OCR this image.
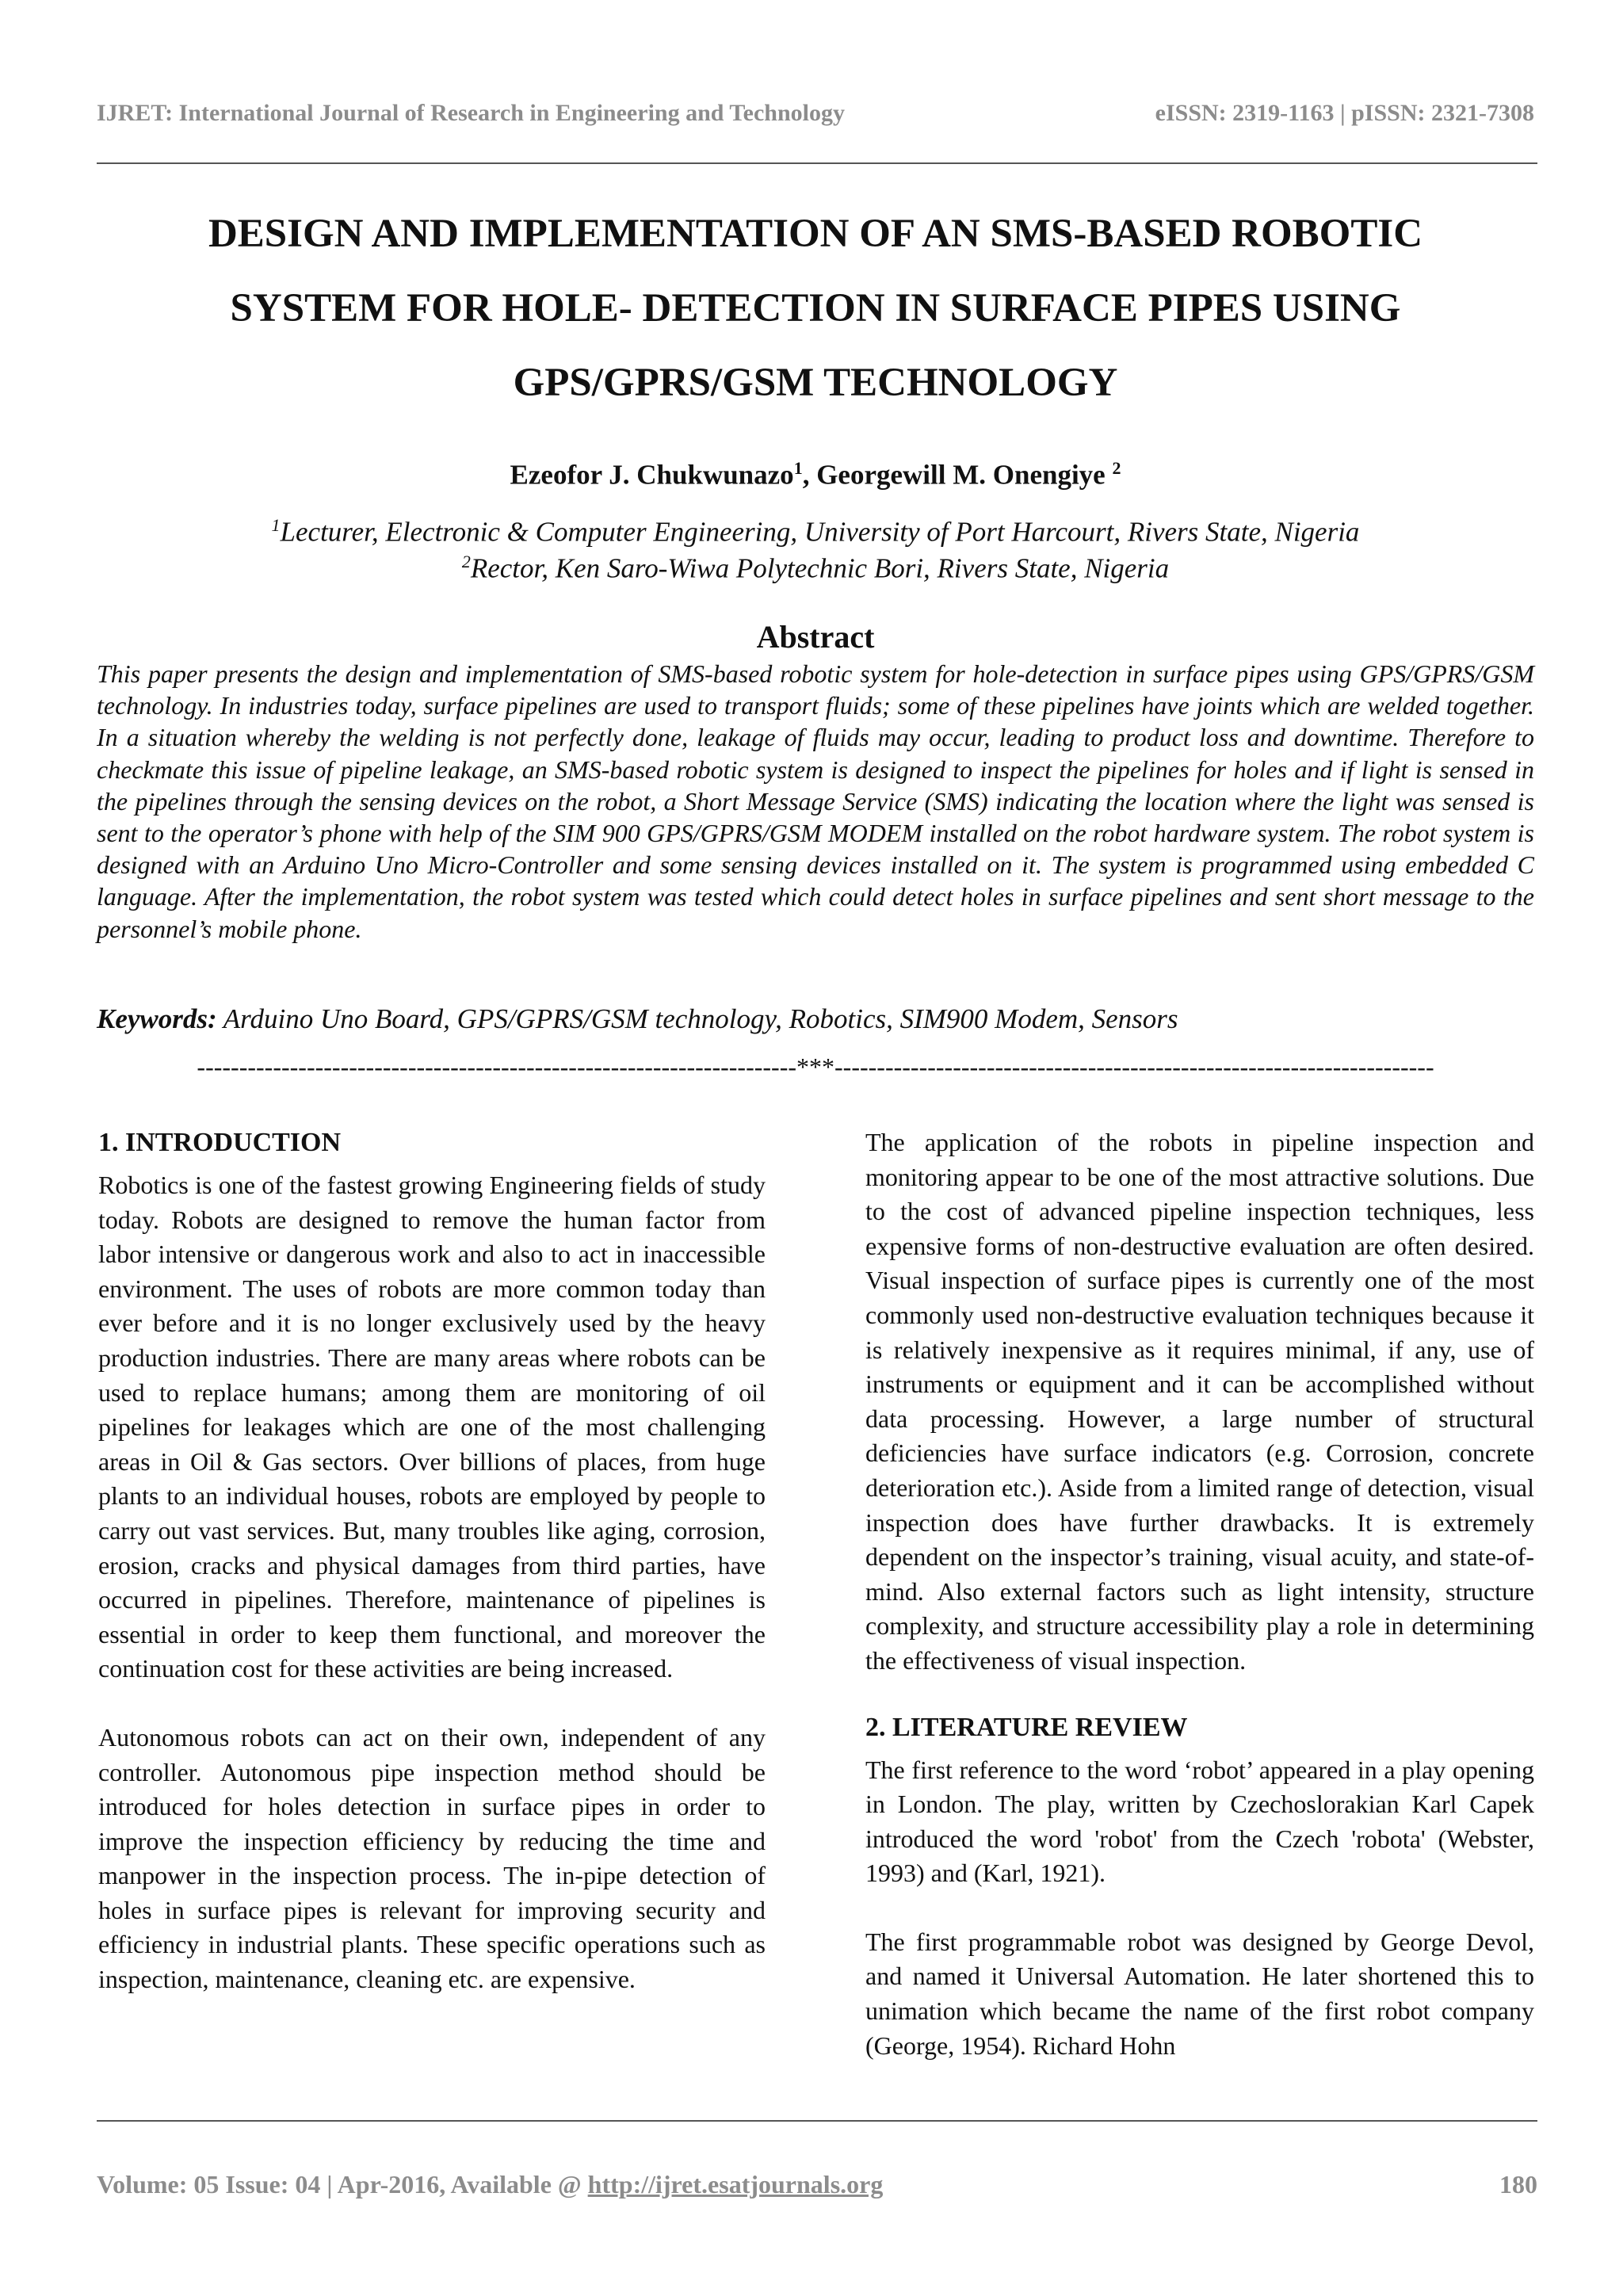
IJRET: International Journal of Research in Engineering and Technology	eISSN: 2319-1163 | pISSN: 2321-7308
DESIGN AND IMPLEMENTATION OF AN SMS-BASED ROBOTIC
SYSTEM FOR HOLE- DETECTION IN SURFACE PIPES USING
GPS/GPRS/GSM TECHNOLOGY
Ezeofor J. Chukwunazo$^1$, Georgewill M. Onengiye $^2$
$^1$Lecturer, Electronic & Computer Engineering, University of Port Harcourt, Rivers State, Nigeria
$^2$Rector, Ken Saro-Wiwa Polytechnic Bori, Rivers State, Nigeria
Abstract
This paper presents the design and implementation of SMS-based robotic system for hole-detection in surface pipes using GPS/GPRS/GSM technology. In industries today, surface pipelines are used to transport fluids; some of these pipelines have joints which are welded together. In a situation whereby the welding is not perfectly done, leakage of fluids may occur, leading to product loss and downtime. Therefore to checkmate this issue of pipeline leakage, an SMS-based robotic system is designed to inspect the pipelines for holes and if light is sensed in the pipelines through the sensing devices on the robot, a Short Message Service (SMS) indicating the location where the light was sensed is sent to the operator’s phone with help of the SIM 900 GPS/GPRS/GSM MODEM installed on the robot hardware system. The robot system is designed with an Arduino Uno Micro-Controller and some sensing devices installed on it. The system is programmed using embedded C language. After the implementation, the robot system was tested which could detect holes in surface pipelines and sent short message to the personnel’s mobile phone.
Keywords: Arduino Uno Board, GPS/GPRS/GSM technology, Robotics, SIM900 Modem, Sensors
-----------------------------------------------------------------------***-----------------------------------------------------------------------
1. INTRODUCTION

Robotics is one of the fastest growing Engineering fields of study today. Robots are designed to remove the human factor from labor intensive or dangerous work and also to act in inaccessible environment. The uses of robots are more common today than ever before and it is no longer exclusively used by the heavy production industries. There are many areas where robots can be used to replace humans; among them are monitoring of oil pipelines for leakages which are one of the most challenging areas in Oil & Gas sectors. Over billions of places, from huge plants to an individual houses, robots are employed by people to carry out vast services. But, many troubles like aging, corrosion, erosion, cracks and physical damages from third parties, have occurred in pipelines. Therefore, maintenance of pipelines is essential in order to keep them functional, and moreover the continuation cost for these activities are being increased.

Autonomous robots can act on their own, independent of any controller. Autonomous pipe inspection method should be introduced for holes detection in surface pipes in order to improve the inspection efficiency by reducing the time and manpower in the inspection process. The in-pipe detection of holes in surface pipes is relevant for improving security and efficiency in industrial plants. These specific operations such as inspection, maintenance, cleaning etc. are expensive.

The application of the robots in pipeline inspection and monitoring appear to be one of the most attractive solutions. Due to the cost of advanced pipeline inspection techniques, less expensive forms of non-destructive evaluation are often desired. Visual inspection of surface pipes is currently one of the most commonly used non-destructive evaluation techniques because it is relatively inexpensive as it requires minimal, if any, use of instruments or equipment and it can be accomplished without data processing. However, a large number of structural deficiencies have surface indicators (e.g. Corrosion, concrete deterioration etc.). Aside from a limited range of detection, visual inspection does have further drawbacks. It is extremely dependent on the inspector’s training, visual acuity, and state-of-mind. Also external factors such as light intensity, structure complexity, and structure accessibility play a role in determining the effectiveness of visual inspection.

2. LITERATURE REVIEW

The first reference to the word ‘robot’ appeared in a play opening in London. The play, written by Czechoslorakian Karl Capek introduced the word 'robot' from the Czech 'robota' (Webster, 1993) and (Karl, 1921).

The first programmable robot was designed by George Devol, and named it Universal Automation. He later shortened this to unimation which became the name of the first robot company (George, 1954). Richard Hohn

Volume: 05 Issue: 04 | Apr-2016, Available @ http://ijret.esatjournals.org	180
